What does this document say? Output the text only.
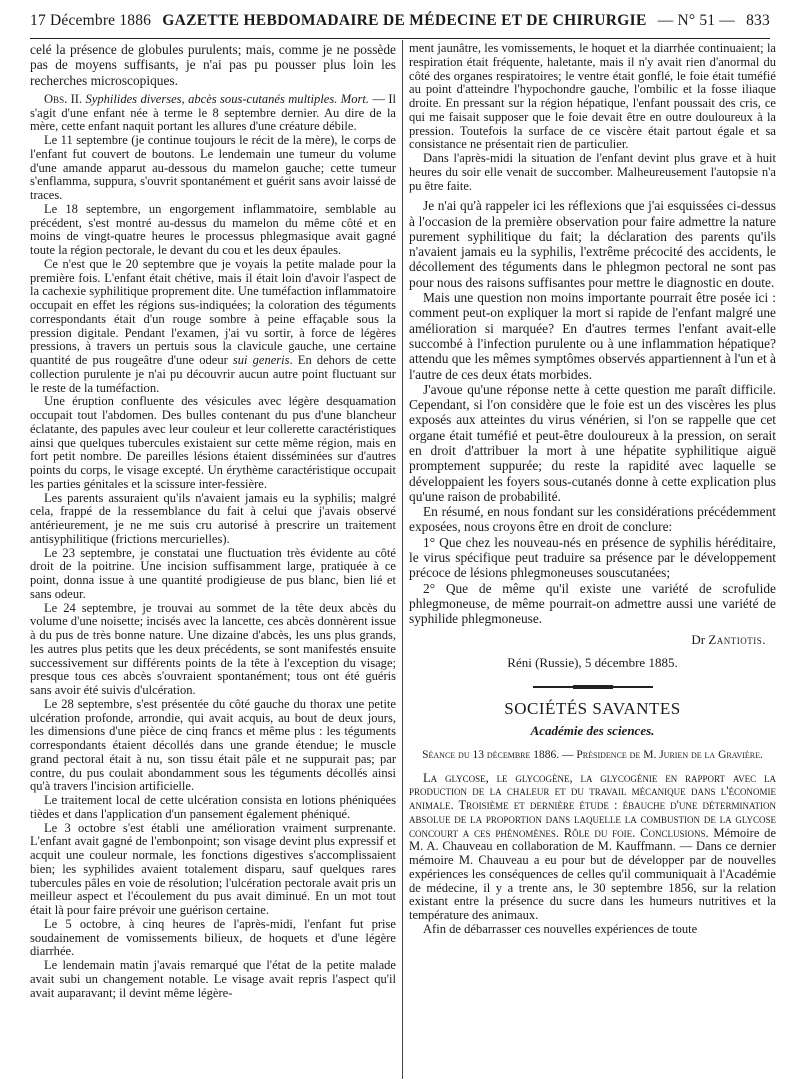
17 Décembre 1886 GAZETTE HEBDOMADAIRE DE MÉDECINE ET DE CHIRURGIE — N° 51 — 833

celé la présence de globules purulents; mais, comme je ne possède pas de moyens suffisants, je n'ai pas pu pousser plus loin les recherches microscopiques.

Obs. II. Syphilides diverses, abcès sous-cutanés multiples. Mort. — Il s'agit d'une enfant née à terme le 8 septembre dernier. Au dire de la mère, cette enfant naquit portant les allures d'une créature débile.

Le 11 septembre (je continue toujours le récit de la mère), le corps de l'enfant fut couvert de boutons. Le lendemain une tumeur du volume d'une amande apparut au-dessous du mamelon gauche; cette tumeur s'enflamma, suppura, s'ouvrit spontanément et guérit sans avoir laissé de traces.

Le 18 septembre, un engorgement inflammatoire, semblable au précédent, s'est montré au-dessus du mamelon du même côté et en moins de vingt-quatre heures le processus phlegmasique avait gagné toute la région pectorale, le devant du cou et les deux épaules.

Ce n'est que le 20 septembre que je voyais la petite malade pour la première fois. L'enfant était chétive, mais il était loin d'avoir l'aspect de la cachexie syphilitique proprement dite. Une tuméfaction inflammatoire occupait en effet les régions sus-indiquées; la coloration des téguments correspondants était d'un rouge sombre à peine effaçable sous la pression digitale. Pendant l'examen, j'ai vu sortir, à force de légères pressions, à travers un pertuis sous la clavicule gauche, une certaine quantité de pus rougeâtre d'une odeur sui generis. En dehors de cette collection purulente je n'ai pu découvrir aucun autre point fluctuant sur le reste de la tuméfaction.

Une éruption confluente des vésicules avec légère desquamation occupait tout l'abdomen. Des bulles contenant du pus d'une blancheur éclatante, des papules avec leur couleur et leur collerette caractéristiques ainsi que quelques tubercules existaient sur cette même région, mais en fort petit nombre. De pareilles lésions étaient disséminées sur d'autres points du corps, le visage excepté. Un érythème caractéristique occupait les parties génitales et la scissure inter-fessière.

Les parents assuraient qu'ils n'avaient jamais eu la syphilis; malgré cela, frappé de la ressemblance du fait à celui que j'avais observé antérieurement, je ne me suis cru autorisé à prescrire un traitement antisyphilitique (frictions mercurielles).

Le 23 septembre, je constatai une fluctuation très évidente au côté droit de la poitrine. Une incision suffisamment large, pratiquée à ce point, donna issue à une quantité prodigieuse de pus blanc, bien lié et sans odeur.

Le 24 septembre, je trouvai au sommet de la tête deux abcès du volume d'une noisette; incisés avec la lancette, ces abcès donnèrent issue à du pus de très bonne nature. Une dizaine d'abcès, les uns plus grands, les autres plus petits que les deux précédents, se sont manifestés ensuite successivement sur différents points de la tête à l'exception du visage; presque tous ces abcès s'ouvraient spontanément; tous ont été guéris sans avoir été suivis d'ulcération.

Le 28 septembre, s'est présentée du côté gauche du thorax une petite ulcération profonde, arrondie, qui avait acquis, au bout de deux jours, les dimensions d'une pièce de cinq francs et même plus : les téguments correspondants étaient décollés dans une grande étendue; le muscle grand pectoral était à nu, son tissu était pâle et ne suppurait pas; par contre, du pus coulait abondamment sous les téguments décollés ainsi qu'à travers l'incision artificielle.

Le traitement local de cette ulcération consista en lotions phéniquées tièdes et dans l'application d'un pansement également phéniqué.

Le 3 octobre s'est établi une amélioration vraiment surprenante. L'enfant avait gagné de l'embonpoint; son visage devint plus expressif et acquit une couleur normale, les fonctions digestives s'accomplissaient bien; les syphilides avaient totalement disparu, sauf quelques rares tubercules pâles en voie de résolution; l'ulcération pectorale avait pris un meilleur aspect et l'écoulement du pus avait diminué. En un mot tout était là pour faire prévoir une guérison certaine.

Le 5 octobre, à cinq heures de l'après-midi, l'enfant fut prise soudainement de vomissements bilieux, de hoquets et d'une légère diarrhée.

Le lendemain matin j'avais remarqué que l'état de la petite malade avait subi un changement notable. Le visage avait repris l'aspect qu'il avait auparavant; il devint même légère-

ment jaunâtre, les vomissements, le hoquet et la diarrhée continuaient; la respiration était fréquente, haletante, mais il n'y avait rien d'anormal du côté des organes respiratoires; le ventre était gonflé, le foie était tuméfié au point d'atteindre l'hypochondre gauche, l'ombilic et la fosse iliaque droite. En pressant sur la région hépatique, l'enfant poussait des cris, ce qui me faisait supposer que le foie devait être en outre douloureux à la pression. Toutefois la surface de ce viscère était partout égale et sa consistance ne présentait rien de particulier.

Dans l'après-midi la situation de l'enfant devint plus grave et à huit heures du soir elle venait de succomber. Malheureusement l'autopsie n'a pu être faite.

Je n'ai qu'à rappeler ici les réflexions que j'ai esquissées ci-dessus à l'occasion de la première observation pour faire admettre la nature purement syphilitique du fait; la déclaration des parents qu'ils n'avaient jamais eu la syphilis, l'extrême précocité des accidents, le décollement des téguments dans le phlegmon pectoral ne sont pas pour nous des raisons suffisantes pour mettre le diagnostic en doute.

Mais une question non moins importante pourrait être posée ici : comment peut-on expliquer la mort si rapide de l'enfant malgré une amélioration si marquée? En d'autres termes l'enfant avait-elle succombé à l'infection purulente ou à une inflammation hépatique? attendu que les mêmes symptômes observés appartiennent à l'un et à l'autre de ces deux états morbides.

J'avoue qu'une réponse nette à cette question me paraît difficile. Cependant, si l'on considère que le foie est un des viscères les plus exposés aux atteintes du virus vénérien, si l'on se rappelle que cet organe était tuméfié et peut-être douloureux à la pression, on serait en droit d'attribuer la mort à une hépatite syphilitique aiguë promptement suppurée; du reste la rapidité avec laquelle se développaient les foyers sous-cutanés donne à cette explication plus qu'une raison de probabilité.

En résumé, en nous fondant sur les considérations précédemment exposées, nous croyons être en droit de conclure:

1° Que chez les nouveau-nés en présence de syphilis héréditaire, le virus spécifique peut traduire sa présence par le développement précoce de lésions phlegmoneuses souscutanées;

2° Que de même qu'il existe une variété de scrofulide phlegmoneuse, de même pourrait-on admettre aussi une variété de syphilide phlegmoneuse.

Dr Zantiotis.
Réni (Russie), 5 décembre 1885.
SOCIÉTÉS SAVANTES
Académie des sciences.
Séance du 13 décembre 1886. — Présidence de M. Jurien de la Gravière.

La glycose, le glycogène, la glycogénie en rapport avec la production de la chaleur et du travail mécanique dans l'économie animale. Troisième et dernière étude : ébauche d'une détermination absolue de la proportion dans laquelle la combustion de la glycose concourt a ces phénomènes. Rôle du foie. Conclusions. Mémoire de M. A. Chauveau en collaboration de M. Kauffmann. — Dans ce dernier mémoire M. Chauveau a eu pour but de développer par de nouvelles expériences les conséquences de celles qu'il communiquait à l'Académie de médecine, il y a trente ans, le 30 septembre 1856, sur la relation existant entre la présence du sucre dans les humeurs nutritives et la température des animaux.

Afin de débarrasser ces nouvelles expériences de toute
